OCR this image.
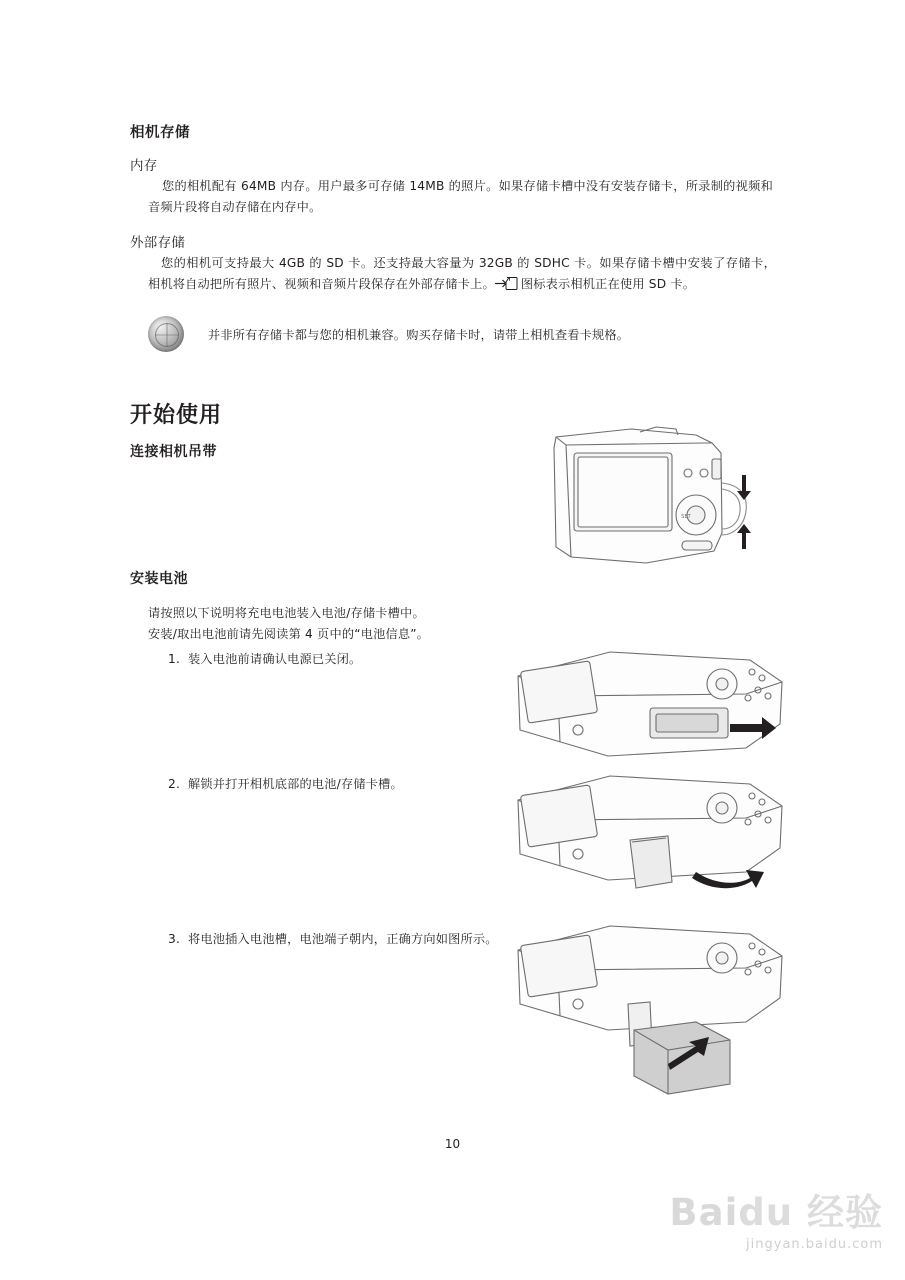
相机存储
内存
您的相机配有 64MB 内存。用户最多可存储 14MB 的照片。如果存储卡槽中没有安装存储卡，所录制的视频和音频片段将自动存储在内存中。
外部存储
您的相机可支持最大 4GB 的 SD 卡。还支持最大容量为 32GB 的 SDHC 卡。如果存储卡槽中安装了存储卡，相机将自动把所有照片、视频和音频片段保存在外部存储卡上。 图标表示相机正在使用 SD 卡。
并非所有存储卡都与您的相机兼容。购买存储卡时，请带上相机查看卡规格。
开始使用
连接相机吊带
SET
安装电池
请按照以下说明将充电电池装入电池/存储卡槽中。
安装/取出电池前请先阅读第 4 页中的“电池信息”。
1. 装入电池前请确认电源已关闭。
2. 解锁并打开相机底部的电池/存储卡槽。
3. 将电池插入电池槽，电池端子朝内，正确方向如图所示。
10
Baidu 经验
jingyan.baidu.com
